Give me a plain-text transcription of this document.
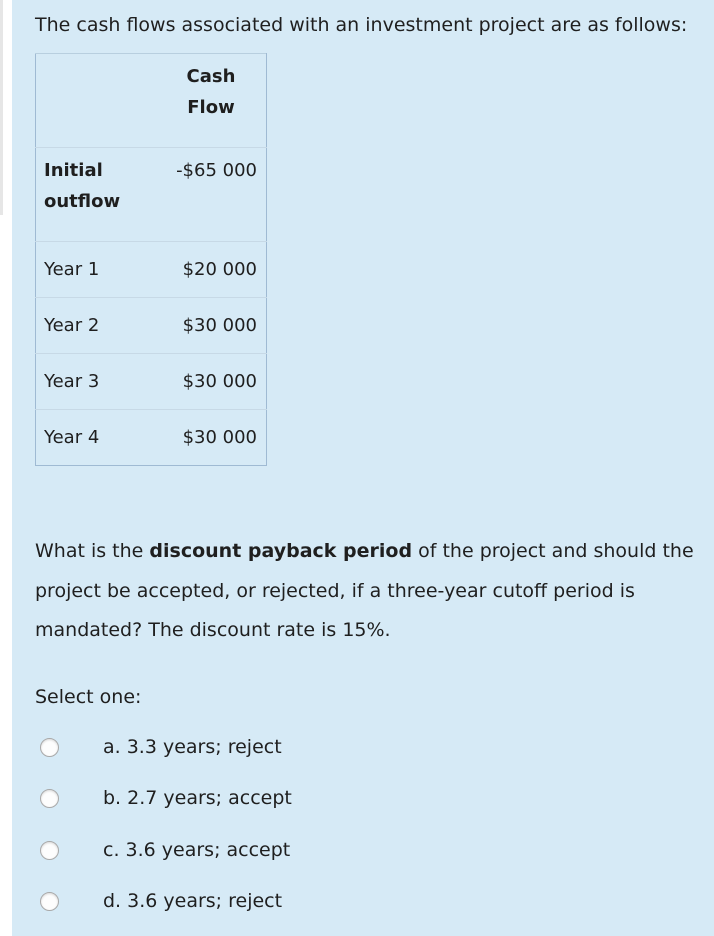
The cash flows associated with an investment project are as follows:

	Cash Flow
Initial outflow	-$65 000
Year 1	$20 000
Year 2	$30 000
Year 3	$30 000
Year 4	$30 000

What is the discount payback period of the project and should the project be accepted, or rejected, if a three-year cutoff period is mandated? The discount rate is 15%.

Select one:
a. 3.3 years; reject
b. 2.7 years; accept
c. 3.6 years; accept
d. 3.6 years; reject
